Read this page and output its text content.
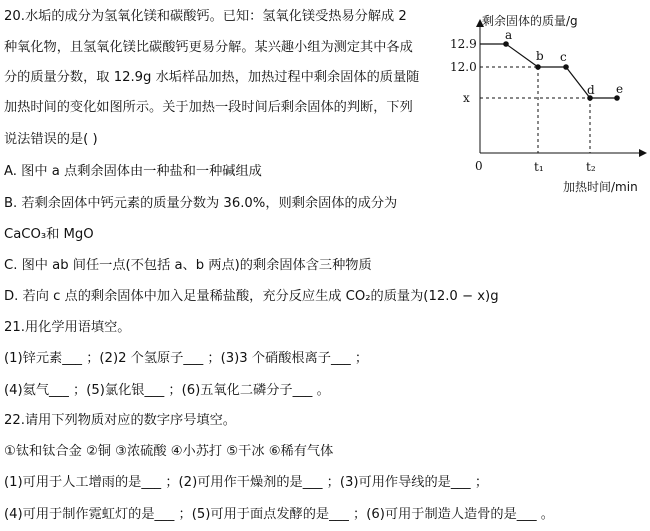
20.水垢的成分为氢氧化镁和碳酸钙。已知：氢氧化镁受热易分解成 2
种氧化物，且氢氧化镁比碳酸钙更易分解。某兴趣小组为测定其中各成
分的质量分数，取 12.9g 水垢样品加热，加热过程中剩余固体的质量随
加热时间的变化如图所示。关于加热一段时间后剩余固体的判断，下列
说法错误的是( )
A. 图中 a 点剩余固体由一种盐和一种碱组成
B. 若剩余固体中钙元素的质量分数为 36.0%，则剩余固体的成分为
CaCO₃和 MgO
C. 图中 ab 间任一点(不包括 a、b 两点)的剩余固体含三种物质
D. 若向 c 点的剩余固体中加入足量稀盐酸，充分反应生成 CO₂的质量为(12.0 − x)g
21.用化学用语填空。
(1)锌元素___ ；(2)2 个氢原子___ ；(3)3 个硝酸根离子___ ；
(4)氦气___ ；(5)氯化银___ ；(6)五氧化二磷分子___ 。
22.请用下列物质对应的数字序号填空。
①钛和钛合金 ②铜 ③浓硫酸 ④小苏打 ⑤干冰 ⑥稀有气体
(1)可用于人工增雨的是___ ；(2)可用作干燥剂的是___ ；(3)可用作导线的是___ ；
(4)可用于制作霓虹灯的是___ ；(5)可用于面点发酵的是___ ；(6)可用于制造人造骨的是___ 。
剩余固体的质量/g
加热时间/min
12.9
12.0
x
0	t₁	t₂
a
b c
d e
